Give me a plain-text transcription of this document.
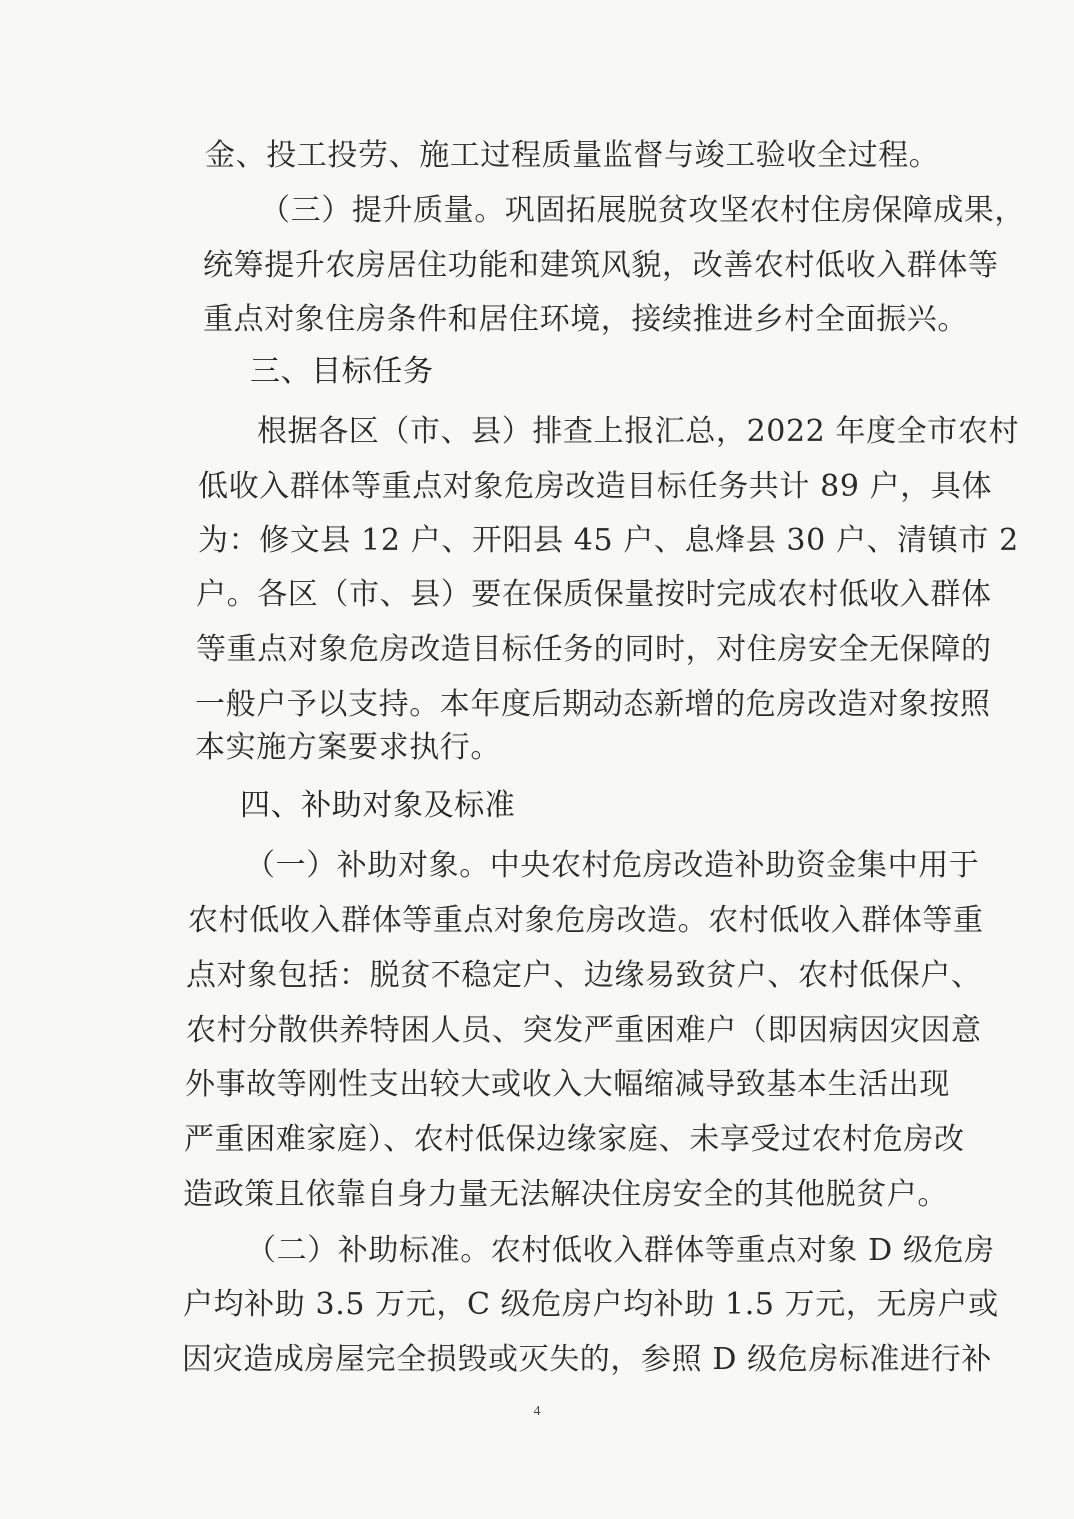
金、投工投劳、施工过程质量监督与竣工验收全过程。
（三）提升质量。巩固拓展脱贫攻坚农村住房保障成果，
统筹提升农房居住功能和建筑风貌，改善农村低收入群体等
重点对象住房条件和居住环境，接续推进乡村全面振兴。
三、目标任务
根据各区（市、县）排查上报汇总，2022 年度全市农村
低收入群体等重点对象危房改造目标任务共计 89 户，具体
为：修文县 12 户、开阳县 45 户、息烽县 30 户、清镇市 2
户。各区（市、县）要在保质保量按时完成农村低收入群体
等重点对象危房改造目标任务的同时，对住房安全无保障的
一般户予以支持。本年度后期动态新增的危房改造对象按照
本实施方案要求执行。
四、补助对象及标准
（一）补助对象。中央农村危房改造补助资金集中用于
农村低收入群体等重点对象危房改造。农村低收入群体等重
点对象包括：脱贫不稳定户、边缘易致贫户、农村低保户、
农村分散供养特困人员、突发严重困难户（即因病因灾因意
外事故等刚性支出较大或收入大幅缩减导致基本生活出现
严重困难家庭）、农村低保边缘家庭、未享受过农村危房改
造政策且依靠自身力量无法解决住房安全的其他脱贫户。
（二）补助标准。农村低收入群体等重点对象 D 级危房
户均补助 3.5 万元，C 级危房户均补助 1.5 万元，无房户或
因灾造成房屋完全损毁或灭失的，参照 D 级危房标准进行补
4
